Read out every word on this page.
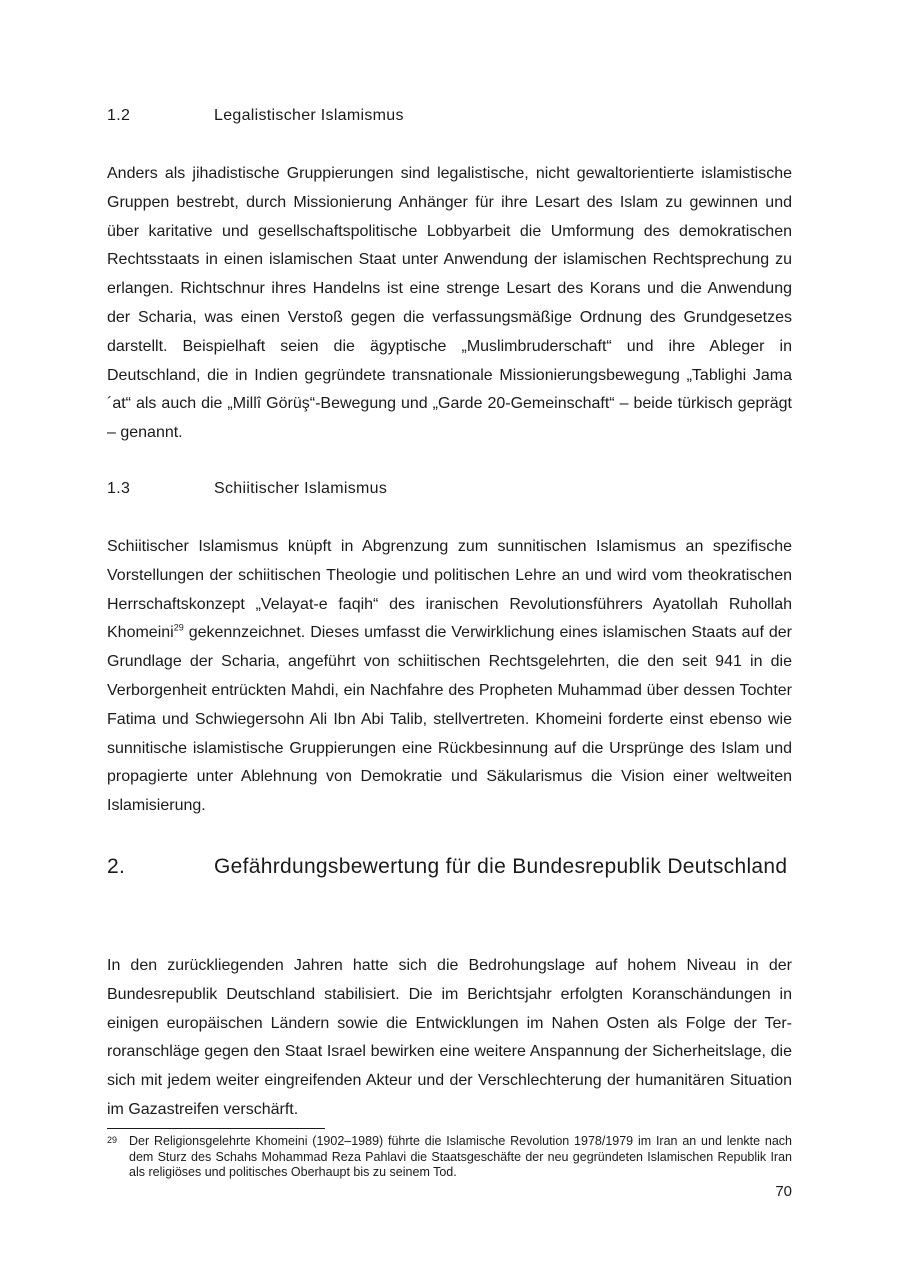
1.2	Legalistischer Islamismus

Anders als jihadistische Gruppierungen sind legalistische, nicht gewaltorientierte islamistische Gruppen bestrebt, durch Missionierung Anhänger für ihre Lesart des Islam zu gewinnen und über karitative und gesellschaftspolitische Lobbyarbeit die Umformung des demokratischen Rechtsstaats in einen islamischen Staat unter Anwendung der islamischen Rechtsprechung zu erlangen. Richtschnur ihres Handelns ist eine strenge Lesart des Korans und die Anwendung der Scharia, was einen Verstoß gegen die verfassungsmäßige Ordnung des Grundgesetzes darstellt. Beispielhaft seien die ägyptische „Muslimbruderschaft“ und ihre Ableger in Deutschland, die in Indien gegründete transnationale Missionierungsbewegung „Tablighi Jama´at“ als auch die „Millî Görüş“-Bewegung und „Garde 20-Gemeinschaft“ – beide türkisch geprägt – genannt.

1.3	Schiitischer Islamismus

Schiitischer Islamismus knüpft in Abgrenzung zum sunnitischen Islamismus an spezifische Vorstellungen der schiitischen Theologie und politischen Lehre an und wird vom theokratischen Herrschaftskonzept „Velayat-e faqih“ des iranischen Revolutionsführers Ayatollah Ruhollah Khomeini$^{29}$ gekennzeichnet. Dieses umfasst die Verwirklichung eines islamischen Staats auf der Grundlage der Scharia, angeführt von schiitischen Rechtsgelehrten, die den seit 941 in die Verborgenheit entrückten Mahdi, ein Nachfahre des Propheten Muhammad über dessen Tochter Fatima und Schwiegersohn Ali Ibn Abi Talib, stellvertreten. Khomeini forderte einst ebenso wie sunnitische islamistische Gruppierungen eine Rückbesinnung auf die Ursprünge des Islam und propagierte unter Ablehnung von Demokratie und Säkularismus die Vision einer weltweiten Islamisierung.

2.	Gefährdungsbewertung für die Bundesrepublik Deutschland

In den zurückliegenden Jahren hatte sich die Bedrohungslage auf hohem Niveau in der Bundesrepublik Deutschland stabilisiert. Die im Berichtsjahr erfolgten Koranschändungen in einigen europäischen Ländern sowie die Entwicklungen im Nahen Osten als Folge der Terroranschläge gegen den Staat Israel bewirken eine weitere Anspannung der Sicherheitslage, die sich mit jedem weiter eingreifenden Akteur und der Verschlechterung der humanitären Situation im Gazastreifen verschärft.

29 Der Religionsgelehrte Khomeini (1902–1989) führte die Islamische Revolution 1978/1979 im Iran an und lenkte nach dem Sturz des Schahs Mohammad Reza Pahlavi die Staatsgeschäfte der neu gegründeten Islamischen Republik Iran als religiöses und politisches Oberhaupt bis zu seinem Tod.
70
